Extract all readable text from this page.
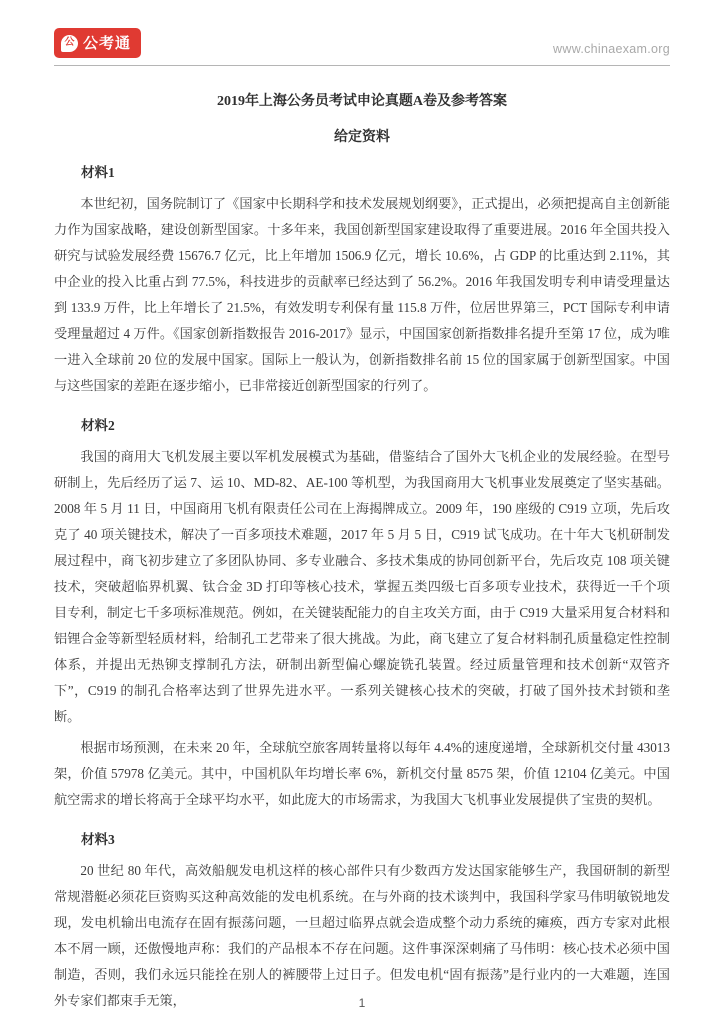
公 公考通	www.chinaexam.org
2019年上海公务员考试申论真题A卷及参考答案
给定资料
材料1

本世纪初，国务院制订了《国家中长期科学和技术发展规划纲要》，正式提出，必须把提高自主创新能力作为国家战略，建设创新型国家。十多年来，我国创新型国家建设取得了重要进展。2016 年全国共投入研究与试验发展经费 15676.7 亿元，比上年增加 1506.9 亿元，增长 10.6%，占 GDP 的比重达到 2.11%，其中企业的投入比重占到 77.5%，科技进步的贡献率已经达到了 56.2%。2016 年我国发明专利申请受理量达到 133.9 万件，比上年增长了 21.5%，有效发明专利保有量 115.8 万件，位居世界第三，PCT 国际专利申请受理量超过 4 万件。《国家创新指数报告 2016-2017》显示，中国国家创新指数排名提升至第 17 位，成为唯一进入全球前 20 位的发展中国家。国际上一般认为，创新指数排名前 15 位的国家属于创新型国家。中国与这些国家的差距在逐步缩小，已非常接近创新型国家的行列了。

材料2

我国的商用大飞机发展主要以军机发展模式为基础，借鉴结合了国外大飞机企业的发展经验。在型号研制上，先后经历了运 7、运 10、MD-82、AE-100 等机型，为我国商用大飞机事业发展奠定了坚实基础。2008 年 5 月 11 日，中国商用飞机有限责任公司在上海揭牌成立。2009 年，190 座级的 C919 立项，先后攻克了 40 项关键技术，解决了一百多项技术难题，2017 年 5 月 5 日，C919 试飞成功。在十年大飞机研制发展过程中，商飞初步建立了多团队协同、多专业融合、多技术集成的协同创新平台，先后攻克 108 项关键技术，突破超临界机翼、钛合金 3D 打印等核心技术，掌握五类四级七百多项专业技术，获得近一千个项目专利，制定七千多项标准规范。例如，在关键装配能力的自主攻关方面，由于 C919 大量采用复合材料和铝锂合金等新型轻质材料，给制孔工艺带来了很大挑战。为此，商飞建立了复合材料制孔质量稳定性控制体系，并提出无热铆支撑制孔方法，研制出新型偏心螺旋铣孔装置。经过质量管理和技术创新“双管齐下”，C919 的制孔合格率达到了世界先进水平。一系列关键核心技术的突破，打破了国外技术封锁和垄断。

根据市场预测，在未来 20 年，全球航空旅客周转量将以每年 4.4%的速度递增，全球新机交付量 43013 架，价值 57978 亿美元。其中，中国机队年均增长率 6%，新机交付量 8575 架，价值 12104 亿美元。中国航空需求的增长将高于全球平均水平，如此庞大的市场需求，为我国大飞机事业发展提供了宝贵的契机。

材料3

20 世纪 80 年代，高效船舰发电机这样的核心部件只有少数西方发达国家能够生产，我国研制的新型常规潜艇必须花巨资购买这种高效能的发电机系统。在与外商的技术谈判中，我国科学家马伟明敏锐地发现，发电机输出电流存在固有振荡问题，一旦超过临界点就会造成整个动力系统的瘫痪，西方专家对此根本不屑一顾，还傲慢地声称：我们的产品根本不存在问题。这件事深深刺痛了马伟明：核心技术必须中国制造，否则，我们永远只能拴在别人的裤腰带上过日子。但发电机“固有振荡”是行业内的一大难题，连国外专家们都束手无策，	1
